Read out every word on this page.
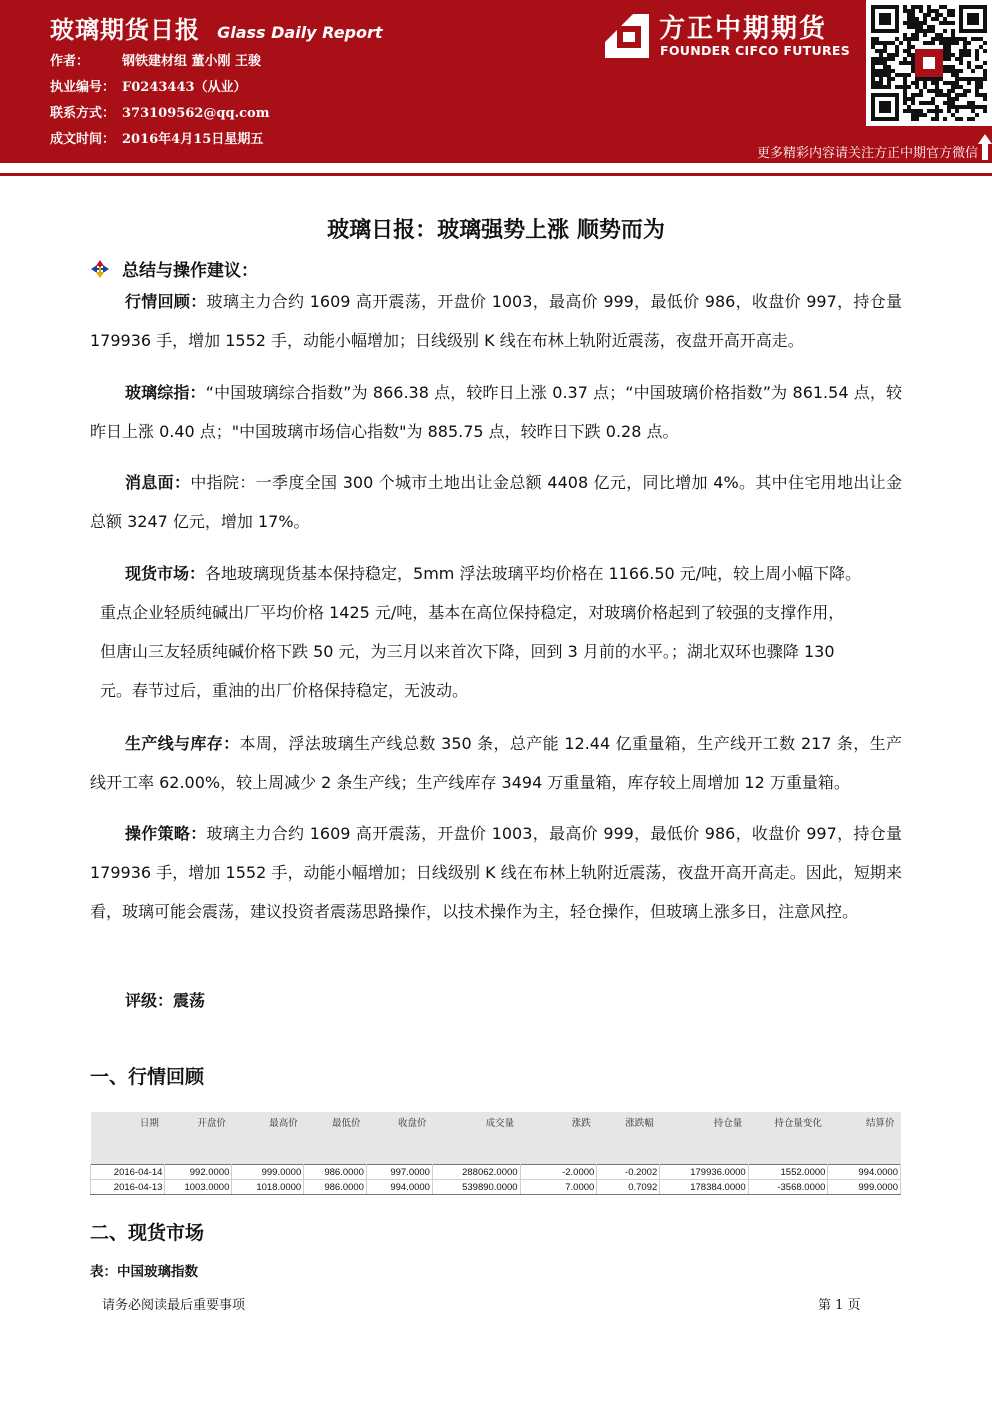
玻璃期货日报 Glass Daily Report
作者：	钢铁建材组 董小刚 王骏
执业编号： F0243443（从业）
联系方式： 373109562@qq.com
成文时间： 2016年4月15日星期五
方正中期期货
FOUNDER CIFCO FUTURES
更多精彩内容请关注方正中期官方微信
玻璃日报：玻璃强势上涨 顺势而为
总结与操作建议：
行情回顾：玻璃主力合约 1609 高开震荡，开盘价 1003，最高价 999，最低价 986，收盘价 997，持仓量 179936 手，增加 1552 手，动能小幅增加；日线级别 K 线在布林上轨附近震荡，夜盘开高开高走。
玻璃综指：“中国玻璃综合指数”为 866.38 点，较昨日上涨 0.37 点；“中国玻璃价格指数”为 861.54 点，较昨日上涨 0.40 点；"中国玻璃市场信心指数"为 885.75 点，较昨日下跌 0.28 点。
消息面：中指院：一季度全国 300 个城市土地出让金总额 4408 亿元，同比增加 4%。其中住宅用地出让金总额 3247 亿元，增加 17%。
现货市场：各地玻璃现货基本保持稳定，5mm 浮法玻璃平均价格在 1166.50 元/吨，较上周小幅下降。
重点企业轻质纯碱出厂平均价格 1425 元/吨，基本在高位保持稳定，对玻璃价格起到了较强的支撑作用，
但唐山三友轻质纯碱价格下跌 50 元，为三月以来首次下降，回到 3 月前的水平。；湖北双环也骤降 130
元。春节过后，重油的出厂价格保持稳定，无波动。
生产线与库存：本周，浮法玻璃生产线总数 350 条，总产能 12.44 亿重量箱，生产线开工数 217 条，生产线开工率 62.00%，较上周减少 2 条生产线；生产线库存 3494 万重量箱，库存较上周增加 12 万重量箱。
操作策略：玻璃主力合约 1609 高开震荡，开盘价 1003，最高价 999，最低价 986，收盘价 997，持仓量 179936 手，增加 1552 手，动能小幅增加；日线级别 K 线在布林上轨附近震荡，夜盘开高开高走。因此，短期来看，玻璃可能会震荡，建议投资者震荡思路操作，以技术操作为主，轻仓操作，但玻璃上涨多日，注意风控。
评级：震荡
一、行情回顾
日期	开盘价	最高价	最低价	收盘价	成交量	涨跌	涨跌幅	持仓量	持仓量变化	结算价
2016-04-14	992.0000	999.0000	986.0000	997.0000	288062.0000	-2.0000	-0.2002	179936.0000	1552.0000	994.0000
2016-04-13	1003.0000	1018.0000	986.0000	994.0000	539890.0000	7.0000	0.7092	178384.0000	-3568.0000	999.0000
二、现货市场
表：中国玻璃指数
请务必阅读最后重要事项	第 1 页
